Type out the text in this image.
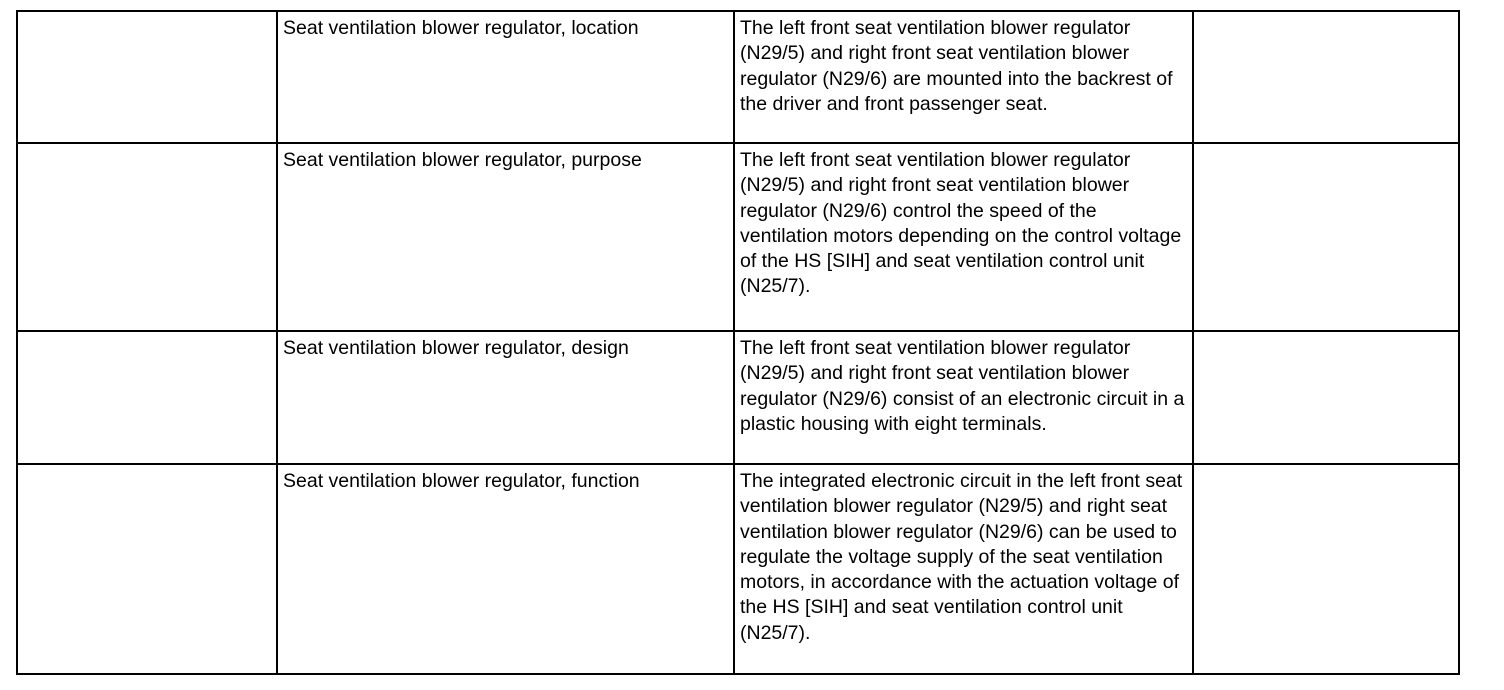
	Seat ventilation blower regulator, location	The left front seat ventilation blower regulator (N29/5) and right front seat ventilation blower regulator (N29/6) are mounted into the backrest of the driver and front passenger seat.	
	Seat ventilation blower regulator, purpose	The left front seat ventilation blower regulator (N29/5) and right front seat ventilation blower regulator (N29/6) control the speed of the ventilation motors depending on the control voltage of the HS [SIH] and seat ventilation control unit (N25/7).	
	Seat ventilation blower regulator, design	The left front seat ventilation blower regulator (N29/5) and right front seat ventilation blower regulator (N29/6) consist of an electronic circuit in a plastic housing with eight terminals.	
	Seat ventilation blower regulator, function	The integrated electronic circuit in the left front seat ventilation blower regulator (N29/5) and right seat ventilation blower regulator (N29/6) can be used to regulate the voltage supply of the seat ventilation motors, in accordance with the actuation voltage of the HS [SIH] and seat ventilation control unit (N25/7).	
